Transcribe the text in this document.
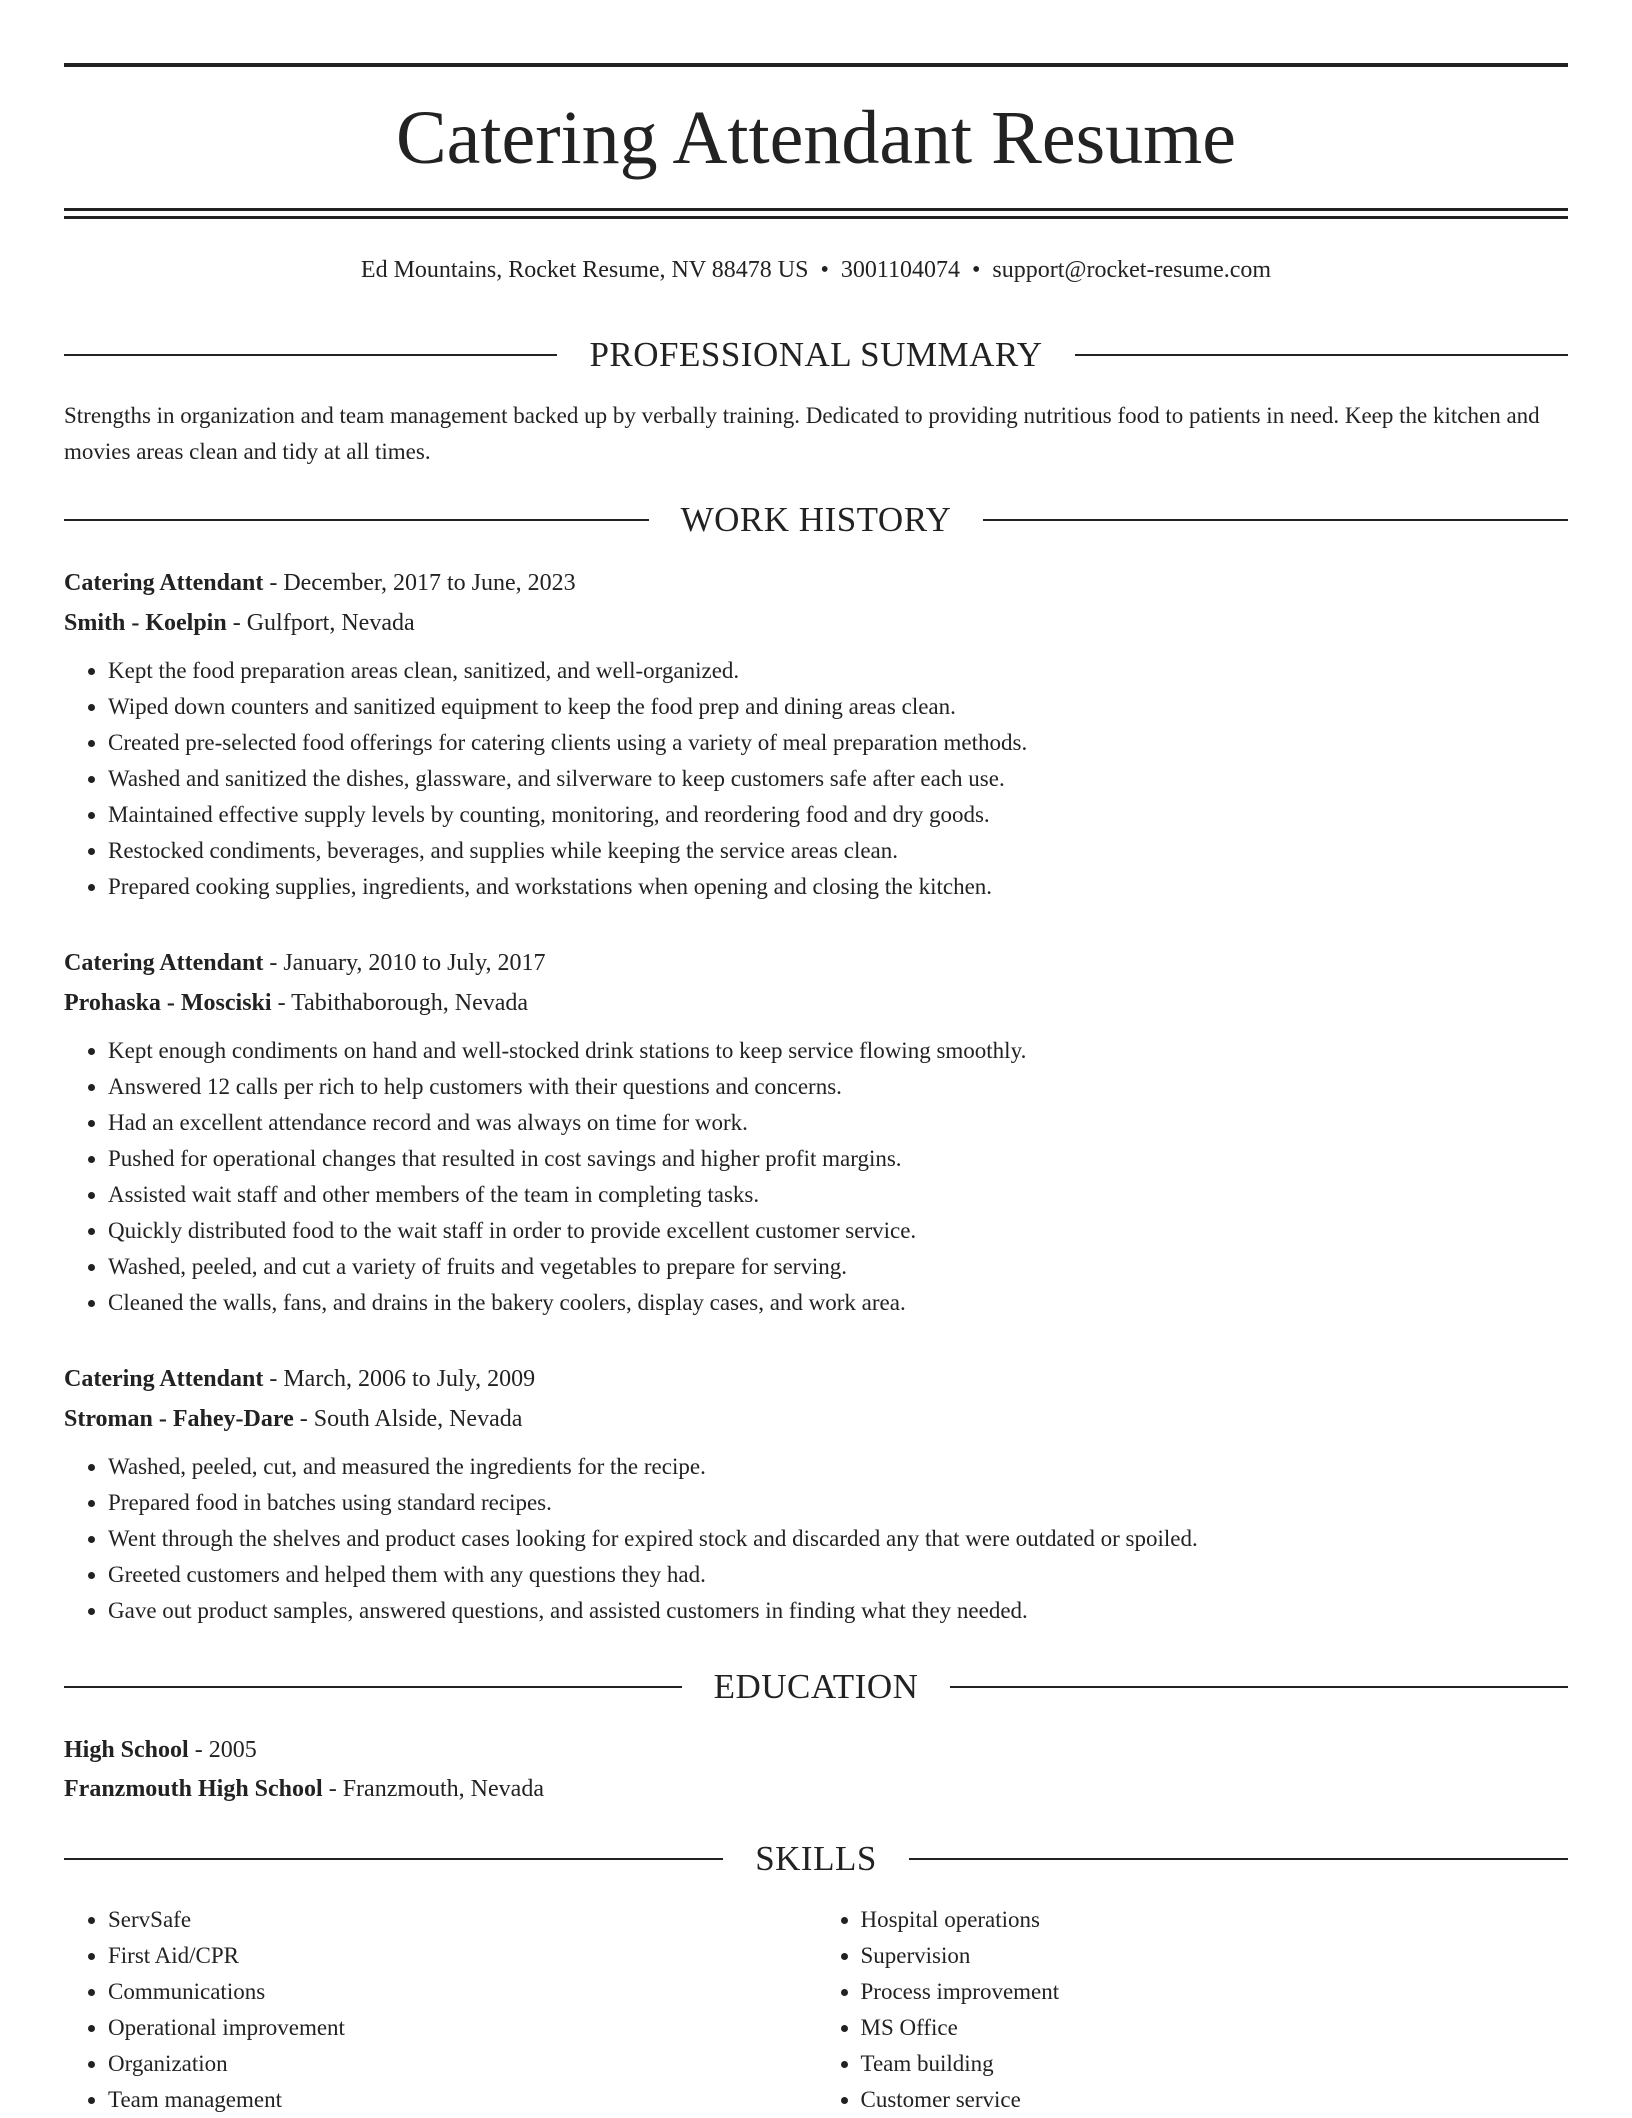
Catering Attendant Resume
Ed Mountains, Rocket Resume, NV 88478 US • 3001104074 • support@rocket-resume.com
PROFESSIONAL SUMMARY

Strengths in organization and team management backed up by verbally training. Dedicated to providing nutritious food to patients in need. Keep the kitchen and movies areas clean and tidy at all times.

WORK HISTORY
Catering Attendant - December, 2017 to June, 2023
Smith - Koelpin - Gulfport, Nevada
• Kept the food preparation areas clean, sanitized, and well-organized.
• Wiped down counters and sanitized equipment to keep the food prep and dining areas clean.
• Created pre-selected food offerings for catering clients using a variety of meal preparation methods.
• Washed and sanitized the dishes, glassware, and silverware to keep customers safe after each use.
• Maintained effective supply levels by counting, monitoring, and reordering food and dry goods.
• Restocked condiments, beverages, and supplies while keeping the service areas clean.
• Prepared cooking supplies, ingredients, and workstations when opening and closing the kitchen.
Catering Attendant - January, 2010 to July, 2017
Prohaska - Mosciski - Tabithaborough, Nevada
• Kept enough condiments on hand and well-stocked drink stations to keep service flowing smoothly.
• Answered 12 calls per rich to help customers with their questions and concerns.
• Had an excellent attendance record and was always on time for work.
• Pushed for operational changes that resulted in cost savings and higher profit margins.
• Assisted wait staff and other members of the team in completing tasks.
• Quickly distributed food to the wait staff in order to provide excellent customer service.
• Washed, peeled, and cut a variety of fruits and vegetables to prepare for serving.
• Cleaned the walls, fans, and drains in the bakery coolers, display cases, and work area.
Catering Attendant - March, 2006 to July, 2009
Stroman - Fahey-Dare - South Alside, Nevada
• Washed, peeled, cut, and measured the ingredients for the recipe.
• Prepared food in batches using standard recipes.
• Went through the shelves and product cases looking for expired stock and discarded any that were outdated or spoiled.
• Greeted customers and helped them with any questions they had.
• Gave out product samples, answered questions, and assisted customers in finding what they needed.
EDUCATION
High School - 2005
Franzmouth High School - Franzmouth, Nevada
SKILLS
• ServSafe
• First Aid/CPR
• Communications
• Operational improvement
• Organization
• Team management
• Hospital operations
• Supervision
• Process improvement
• MS Office
• Team building
• Customer service
